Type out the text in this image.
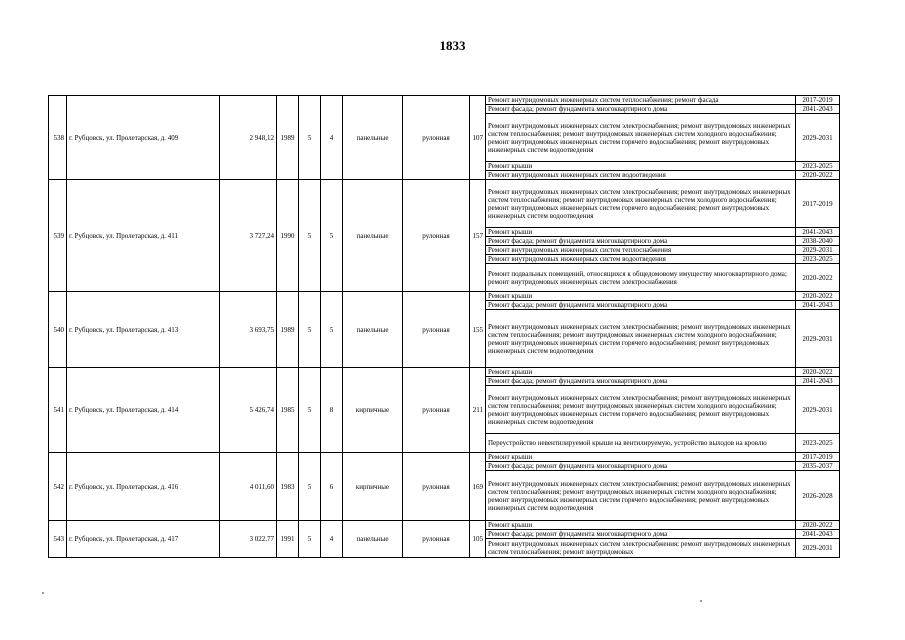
1833
538	г. Рубцовск, ул. Пролетарская, д. 409	2 948,12	1989	5	4	панельные	рулонная	107	Ремонт внутридомовых инженерных систем теплоснабжения; ремонт фасада	2017-2019
									Ремонт фасада; ремонт фундамента многоквартирного дома	2041-2043
									Ремонт внутридомовых инженерных систем электроснабжения; ремонт внутридомовых инженерных систем теплоснабжения; ремонт внутридомовых инженерных систем холодного водоснабжения; ремонт внутридомовых инженерных систем горячего водоснабжения; ремонт внутридомовых инженерных систем водоотведения	2029-2031
									Ремонт крыши	2023-2025
									Ремонт внутридомовых инженерных систем водоотведения	2020-2022
539	г. Рубцовск, ул. Пролетарская, д. 411	3 727,24	1990	5	5	панельные	рулонная	157	Ремонт внутридомовых инженерных систем электроснабжения; ремонт внутридомовых инженерных систем теплоснабжения; ремонт внутридомовых инженерных систем холодного водоснабжения; ремонт внутридомовых инженерных систем горячего водоснабжения; ремонт внутридомовых инженерных систем водоотведения	2017-2019
									Ремонт крыши	2041-2043
									Ремонт фасада; ремонт фундамента многоквартирного дома	2038-2040
									Ремонт внутридомовых инженерных систем теплоснабжения	2029-2031
									Ремонт внутридомовых инженерных систем водоотведения	2023-2025
									Ремонт подвальных помещений, относящихся к общедомовому имуществу многоквартирного дома; ремонт внутридомовых инженерных систем электроснабжения	2020-2022
540	г. Рубцовск, ул. Пролетарская, д. 413	3 693,75	1989	5	5	панельные	рулонная	155	Ремонт крыши	2020-2022
									Ремонт фасада; ремонт фундамента многоквартирного дома	2041-2043
									Ремонт внутридомовых инженерных систем электроснабжения; ремонт внутридомовых инженерных систем теплоснабжения; ремонт внутридомовых инженерных систем холодного водоснабжения; ремонт внутридомовых инженерных систем горячего водоснабжения; ремонт внутридомовых инженерных систем водоотведения	2029-2031
541	г. Рубцовск, ул. Пролетарская, д. 414	5 426,74	1985	5	8	кирпичные	рулонная	211	Ремонт крыши	2020-2022
									Ремонт фасада; ремонт фундамента многоквартирного дома	2041-2043
									Ремонт внутридомовых инженерных систем электроснабжения; ремонт внутридомовых инженерных систем теплоснабжения; ремонт внутридомовых инженерных систем холодного водоснабжения; ремонт внутридомовых инженерных систем горячего водоснабжения; ремонт внутридомовых инженерных систем водоотведения	2029-2031
									Переустройство невентилируемой крыши на вентилируемую, устройство выходов на кровлю	2023-2025
542	г. Рубцовск, ул. Пролетарская, д. 416	4 011,60	1983	5	6	кирпичные	рулонная	169	Ремонт крыши	2017-2019
									Ремонт фасада; ремонт фундамента многоквартирного дома	2035-2037
									Ремонт внутридомовых инженерных систем электроснабжения; ремонт внутридомовых инженерных систем теплоснабжения; ремонт внутридомовых инженерных систем холодного водоснабжения; ремонт внутридомовых инженерных систем горячего водоснабжения; ремонт внутридомовых инженерных систем водоотведения	2026-2028
543	г. Рубцовск, ул. Пролетарская, д. 417	3 022,77	1991	5	4	панельные	рулонная	105	Ремонт крыши	2020-2022
									Ремонт фасада; ремонт фундамента многоквартирного дома	2041-2043
									Ремонт внутридомовых инженерных систем электроснабжения; ремонт внутридомовых инженерных систем теплоснабжения; ремонт внутридомовых	2029-2031
